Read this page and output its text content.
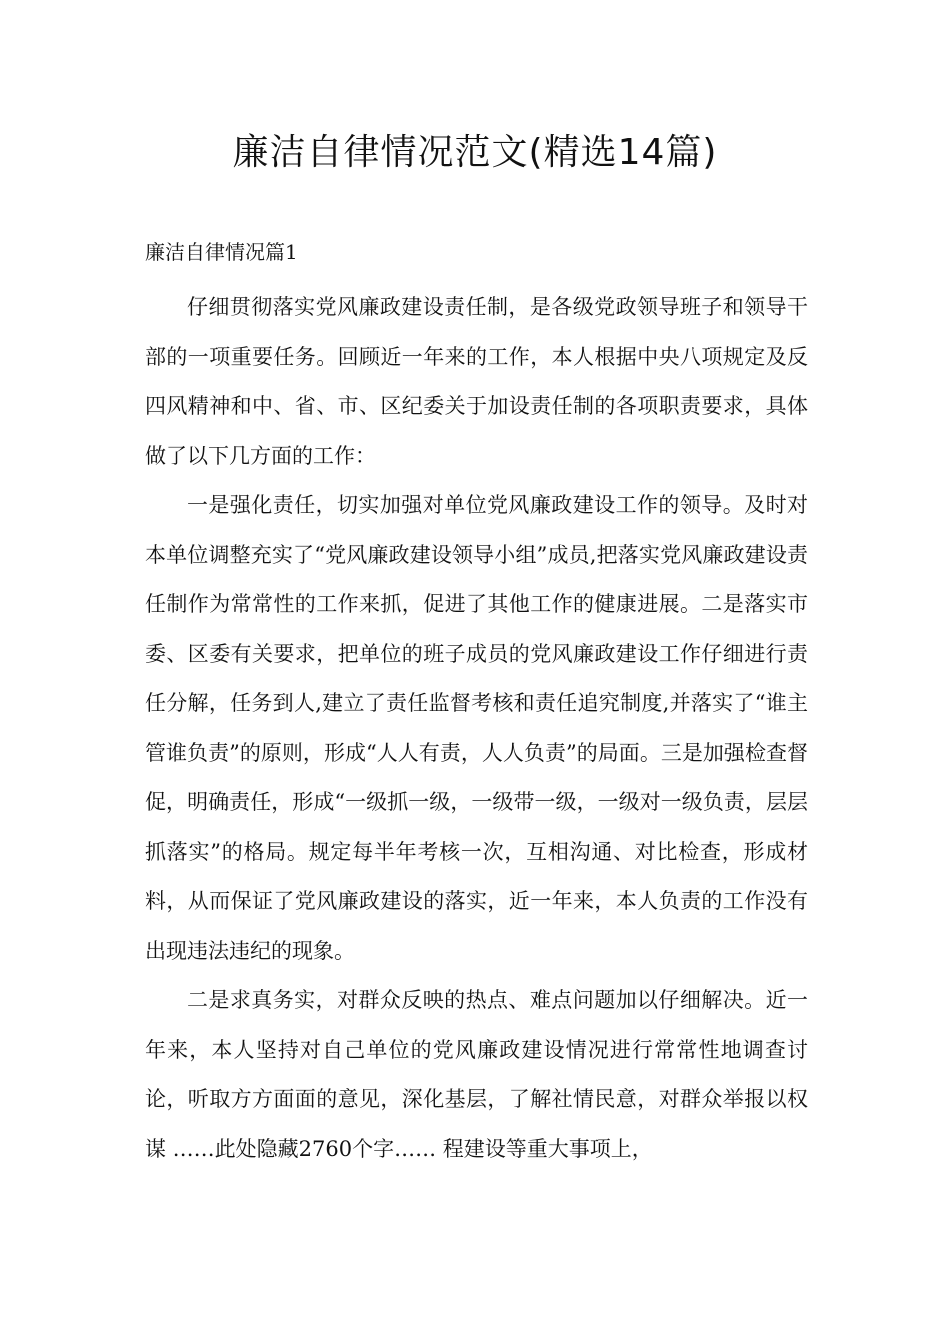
廉洁自律情况范文(精选14篇)
廉洁自律情况篇1

仔细贯彻落实党风廉政建设责任制，是各级党政领导班子和领导干部的一项重要任务。回顾近一年来的工作，本人根据中央八项规定及反四风精神和中、省、市、区纪委关于加设责任制的各项职责要求，具体做了以下几方面的工作：

一是强化责任，切实加强对单位党风廉政建设工作的领导。及时对本单位调整充实了“党风廉政建设领导小组”成员,把落实党风廉政建设责任制作为常常性的工作来抓，促进了其他工作的健康进展。二是落实市委、区委有关要求，把单位的班子成员的党风廉政建设工作仔细进行责任分解，任务到人,建立了责任监督考核和责任追究制度,并落实了“谁主管谁负责”的原则，形成“人人有责，人人负责”的局面。三是加强检查督促，明确责任，形成“一级抓一级，一级带一级，一级对一级负责，层层抓落实”的格局。规定每半年考核一次，互相沟通、对比检查，形成材料，从而保证了党风廉政建设的落实，近一年来，本人负责的工作没有出现违法违纪的现象。

二是求真务实，对群众反映的热点、难点问题加以仔细解决。近一年来，本人坚持对自己单位的党风廉政建设情况进行常常性地调查讨论，听取方方面面的意见，深化基层，了解社情民意，对群众举报以权谋 ……此处隐藏2760个字…… 程建设等重大事项上，
